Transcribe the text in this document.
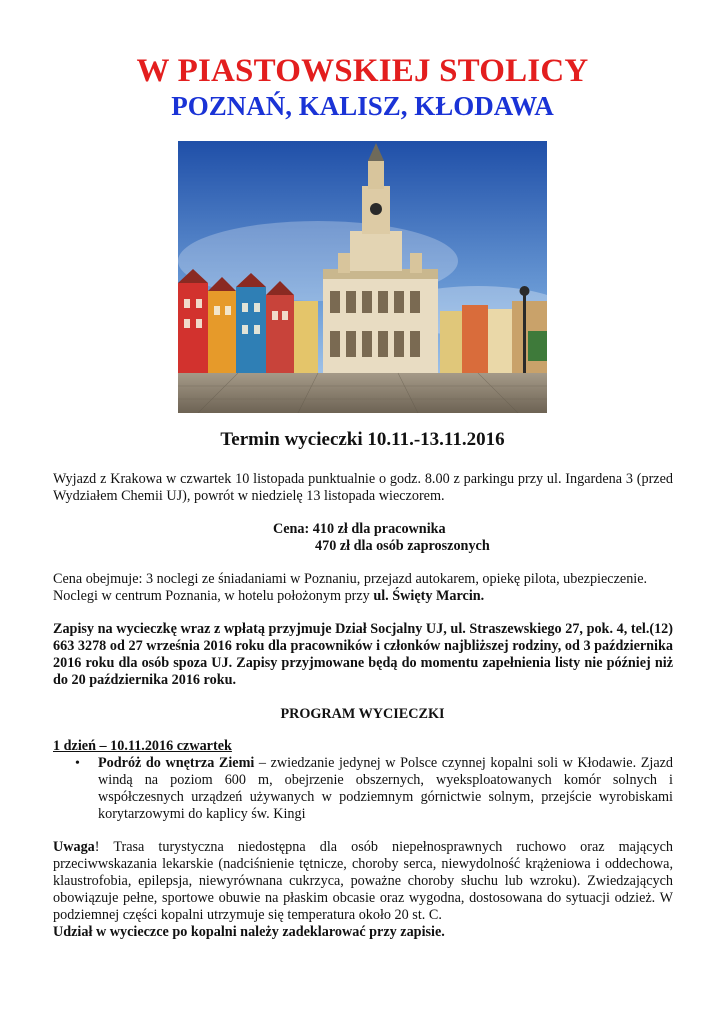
W PIASTOWSKIEJ STOLICY
POZNAŃ, KALISZ, KŁODAWA
Termin wycieczki 10.11.-13.11.2016
Wyjazd z Krakowa w czwartek 10 listopada punktualnie o godz. 8.00 z parkingu przy ul. Ingardena 3 (przed Wydziałem Chemii UJ), powrót w niedzielę 13 listopada wieczorem.
Cena: 410 zł dla pracownika
470 zł dla osób zaproszonych
Cena obejmuje: 3 noclegi ze śniadaniami w Poznaniu, przejazd autokarem, opiekę pilota, ubezpieczenie.
Noclegi w centrum Poznania, w hotelu położonym przy ul. Święty Marcin.
Zapisy na wycieczkę wraz z wpłatą przyjmuje Dział Socjalny UJ, ul. Straszewskiego 27, pok. 4, tel.(12) 663 3278 od 27 września 2016 roku dla pracowników i członków najbliższej rodziny, od 3 października 2016 roku dla osób spoza UJ. Zapisy przyjmowane będą do momentu zapełnienia listy nie później niż do 20 października 2016 roku.
PROGRAM WYCIECZKI
1 dzień – 10.11.2016 czwartek
• Podróż do wnętrza Ziemi – zwiedzanie jedynej w Polsce czynnej kopalni soli w Kłodawie. Zjazd windą na poziom 600 m, obejrzenie obszernych, wyeksploatowanych komór solnych i współczesnych urządzeń używanych w podziemnym górnictwie solnym, przejście wyrobiskami korytarzowymi do kaplicy św. Kingi
Uwaga! Trasa turystyczna niedostępna dla osób niepełnosprawnych ruchowo oraz mających przeciwwskazania lekarskie (nadciśnienie tętnicze, choroby serca, niewydolność krążeniowa i oddechowa, klaustrofobia, epilepsja, niewyrównana cukrzyca, poważne choroby słuchu lub wzroku). Zwiedzających obowiązuje pełne, sportowe obuwie na płaskim obcasie oraz wygodna, dostosowana do sytuacji odzież. W podziemnej części kopalni utrzymuje się temperatura około 20 st. C.
Udział w wycieczce po kopalni należy zadeklarować przy zapisie.
